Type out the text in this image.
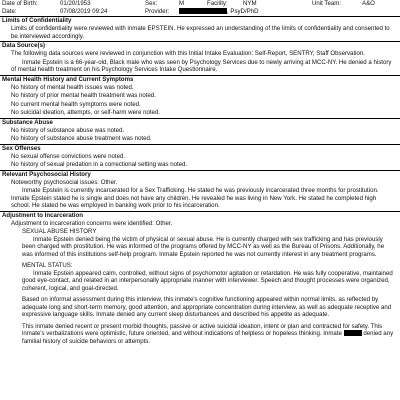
Date of Birth:	01/20/1953	Sex:	M	Facility:	NYM	Unit Team:	A&O
Date:	07/08/2019 09:24	Provider:	, PsyD/PhD
Limits of Confidentiality
Limits of confidentiality were reviewed with inmate EPSTEIN. He expressed an understanding of the limits of confidentiality and consented to be interviewed accordingly.
Data Source(s)
The following data sources were reviewed in conjunction with this Initial Intake Evaluation: Self-Report, SENTRY, Staff Observation.
Inmate Epstein is a 66-year-old, Black male who was seen by Psychology Services due to newly arriving at MCC-NY. He denied a history of mental health treatment on his Psychology Services Intake Questionnaire.
Mental Health History and Current Symptoms
No history of mental health issues was noted.
No history of prior mental health treatment was noted.
No current mental health symptoms were noted.
No suicidal ideation, attempts, or self-harm were noted.
Substance Abuse
No history of substance abuse was noted.
No history of substance abuse treatment was noted.
Sex Offenses
No sexual offense convictions were noted.
No history of sexual predation in a correctional setting was noted.
Relevant Psychosocial History
Noteworthy psychosocial issues: Other.
Inmate Epstein is currently incarcerated for a Sex Trafficking. He stated he was previously incarcerated three months for prostitution. Inmate Epstein stated he is single and does not have any children. He revealed he was living in New York. He stated he completed high school. He stated he was employed in banking work prior to his incarceration.
Adjustment to Incarceration
Adjustment to incarceration concerns were identified: Other.
SEXUAL ABUSE HISTORY
Inmate Epstein denied being the victim of physical or sexual abuse. He is currently charged with sex trafficking and has previously been charged with prostitution. He was informed of the programs offered by MCC-NY as well as the Bureau of Prisons. Additionally, he was informed of this institutions self-help program. Inmate Epstein reported he was not currently interest in any treatment programs.
MENTAL STATUS:
Inmate Epstein appeared calm, controlled, without signs of psychomotor agitation or retardation. He was fully cooperative, maintained good eye-contact, and related in an interpersonally appropriate manner with interviewer. Speech and thought processes were organized, coherent, logical, and goal-directed.
Based on informal assessment during this interview, this inmate's cognitive functioning appeared within normal limits, as reflected by adequate long and short-term memory, good attention, and appropriate concentration during interview, as well as adequate receptive and expressive language skills. Inmate denied any current sleep disturbances and described his appetite as adequate.
This inmate denied recent or present morbid thoughts, passive or active suicidal ideation, intent or plan and contracted for safety. This inmate's verbalizations were optimistic, future oriented, and without indications of helpless or hopeless thinking. Inmate	denied any familial history of suicide behaviors or attempts.
